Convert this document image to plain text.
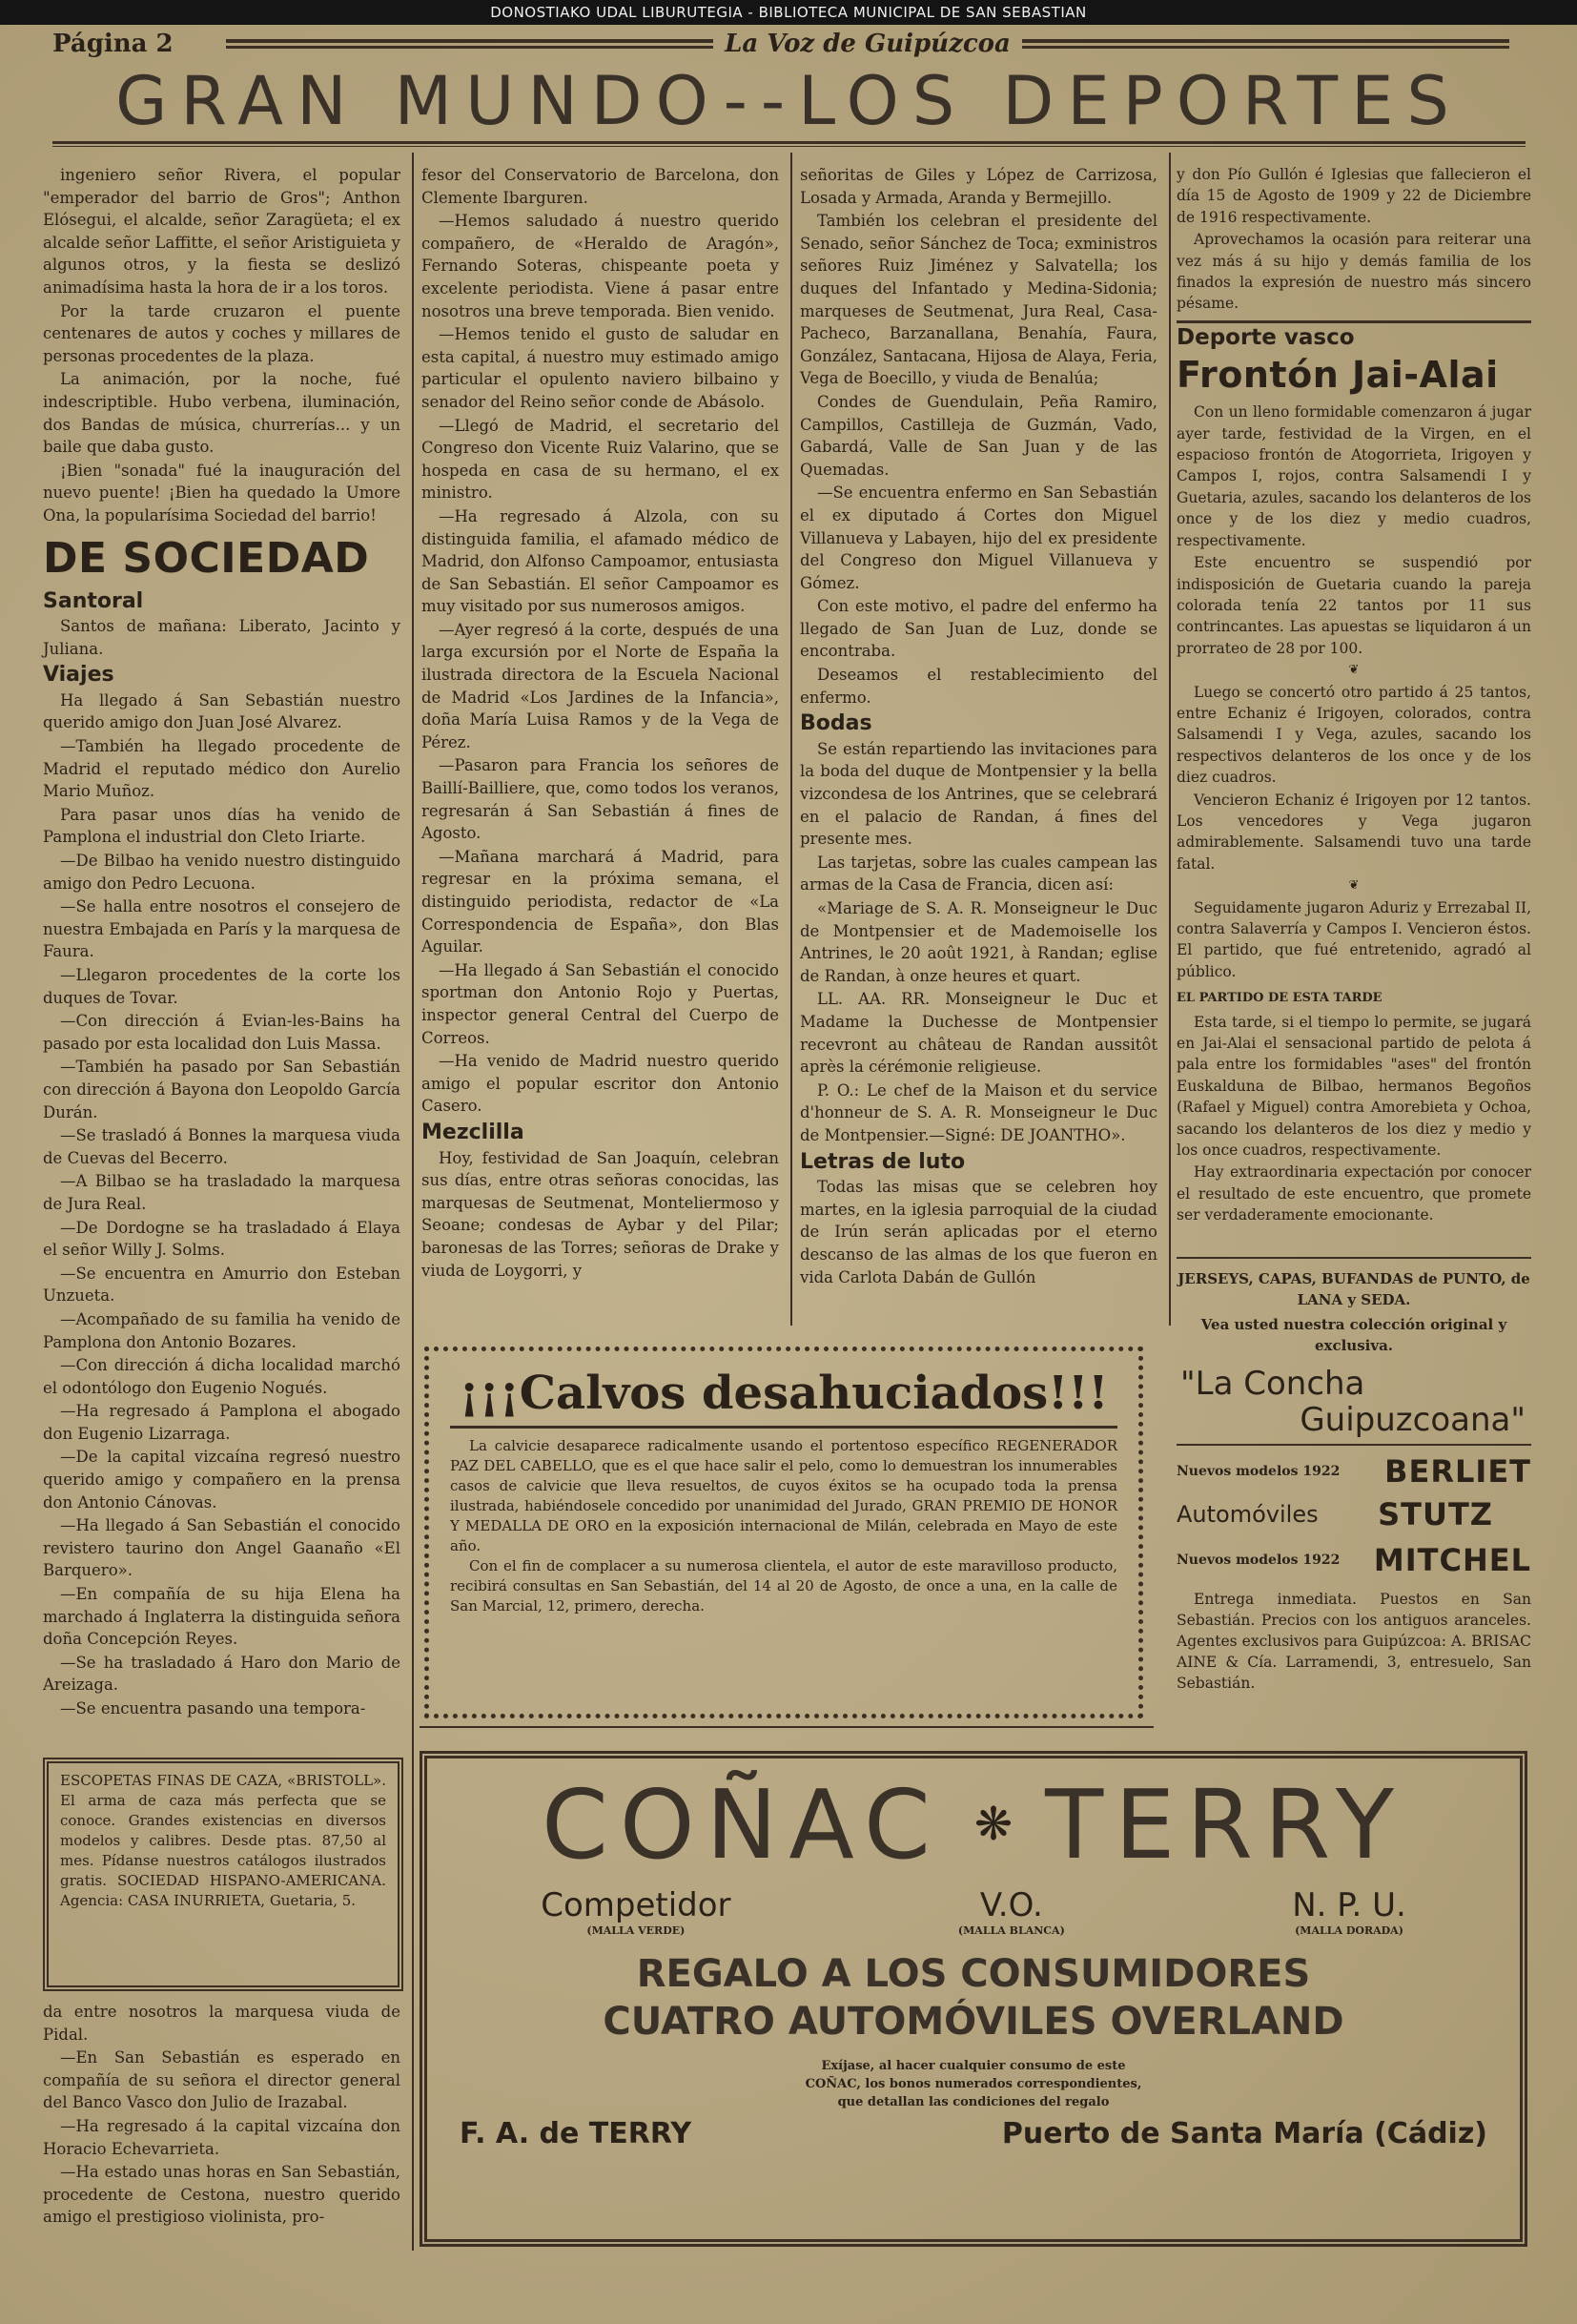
DONOSTIAKO UDAL LIBURUTEGIA - BIBLIOTECA MUNICIPAL DE SAN SEBASTIAN
Página 2	La Voz de Guipúzcoa
GRAN MUNDO--LOS DEPORTES

ingeniero señor Rivera, el popular "emperador del barrio de Gros"; Anthon Elósegui, el alcalde, señor Zaragüeta; el ex alcalde señor Laffitte, el señor Aristiguieta y algunos otros, y la fiesta se deslizó animadísima hasta la hora de ir a los toros.

Por la tarde cruzaron el puente centenares de autos y coches y millares de personas procedentes de la plaza.

La animación, por la noche, fué indescriptible. Hubo verbena, iluminación, dos Bandas de música, churrerías... y un baile que daba gusto.

¡Bien "sonada" fué la inauguración del nuevo puente! ¡Bien ha quedado la Umore Ona, la popularísima Sociedad del barrio!

DE SOCIEDAD
Santoral

Santos de mañana: Liberato, Jacinto y Juliana.

Viajes

Ha llegado á San Sebastián nuestro querido amigo don Juan José Alvarez.

—También ha llegado procedente de Madrid el reputado médico don Aurelio Mario Muñoz.

Para pasar unos días ha venido de Pamplona el industrial don Cleto Iriarte.

—De Bilbao ha venido nuestro distinguido amigo don Pedro Lecuona.

—Se halla entre nosotros el consejero de nuestra Embajada en París y la marquesa de Faura.

—Llegaron procedentes de la corte los duques de Tovar.

—Con dirección á Evian-les-Bains ha pasado por esta localidad don Luis Massa.

—También ha pasado por San Sebastián con dirección á Bayona don Leopoldo García Durán.

—Se trasladó á Bonnes la marquesa viuda de Cuevas del Becerro.

—A Bilbao se ha trasladado la marquesa de Jura Real.

—De Dordogne se ha trasladado á Elaya el señor Willy J. Solms.

—Se encuentra en Amurrio don Esteban Unzueta.

—Acompañado de su familia ha venido de Pamplona don Antonio Bozares.

—Con dirección á dicha localidad marchó el odontólogo don Eugenio Nogués.

—Ha regresado á Pamplona el abogado don Eugenio Lizarraga.

—De la capital vizcaína regresó nuestro querido amigo y compañero en la prensa don Antonio Cánovas.

—Ha llegado á San Sebastián el conocido revistero taurino don Angel Gaanaño «El Barquero».

—En compañía de su hija Elena ha marchado á Inglaterra la distinguida señora doña Concepción Reyes.

—Se ha trasladado á Haro don Mario de Areizaga.

—Se encuentra pasando una tempora-

ESCOPETAS FINAS DE CAZA, «BRISTOLL». El arma de caza más perfecta que se conoce. Grandes existencias en diversos modelos y calibres. Desde ptas. 87,50 al mes. Pídanse nuestros catálogos ilustrados gratis. SOCIEDAD HISPANO-AMERICANA. Agencia: CASA INURRIETA, Guetaria, 5.

da entre nosotros la marquesa viuda de Pidal.

—En San Sebastián es esperado en compañía de su señora el director general del Banco Vasco don Julio de Irazabal.

—Ha regresado á la capital vizcaína don Horacio Echevarrieta.

—Ha estado unas horas en San Sebastián, procedente de Cestona, nuestro querido amigo el prestigioso violinista, pro-

fesor del Conservatorio de Barcelona, don Clemente Ibarguren.

—Hemos saludado á nuestro querido compañero, de «Heraldo de Aragón», Fernando Soteras, chispeante poeta y excelente periodista. Viene á pasar entre nosotros una breve temporada. Bien venido.

—Hemos tenido el gusto de saludar en esta capital, á nuestro muy estimado amigo particular el opulento naviero bilbaino y senador del Reino señor conde de Abásolo.

—Llegó de Madrid, el secretario del Congreso don Vicente Ruiz Valarino, que se hospeda en casa de su hermano, el ex ministro.

—Ha regresado á Alzola, con su distinguida familia, el afamado médico de Madrid, don Alfonso Campoamor, entusiasta de San Sebastián. El señor Campoamor es muy visitado por sus numerosos amigos.

—Ayer regresó á la corte, después de una larga excursión por el Norte de España la ilustrada directora de la Escuela Nacional de Madrid «Los Jardines de la Infancia», doña María Luisa Ramos y de la Vega de Pérez.

—Pasaron para Francia los señores de Baillí-Bailliere, que, como todos los veranos, regresarán á San Sebastián á fines de Agosto.

—Mañana marchará á Madrid, para regresar en la próxima semana, el distinguido periodista, redactor de «La Correspondencia de España», don Blas Aguilar.

—Ha llegado á San Sebastián el conocido sportman don Antonio Rojo y Puertas, inspector general Central del Cuerpo de Correos.

—Ha venido de Madrid nuestro querido amigo el popular escritor don Antonio Casero.

Mezclilla

Hoy, festividad de San Joaquín, celebran sus días, entre otras señoras conocidas, las marquesas de Seutmenat, Monteliermoso y Seoane; condesas de Aybar y del Pilar; baronesas de las Torres; señoras de Drake y viuda de Loygorri, y

señoritas de Giles y López de Carrizosa, Losada y Armada, Aranda y Bermejillo.

También los celebran el presidente del Senado, señor Sánchez de Toca; exministros señores Ruiz Jiménez y Salvatella; los duques del Infantado y Medina-Sidonia; marqueses de Seutmenat, Jura Real, Casa-Pacheco, Barzanallana, Benahía, Faura, González, Santacana, Hijosa de Alaya, Feria, Vega de Boecillo, y viuda de Benalúa;

Condes de Guendulain, Peña Ramiro, Campillos, Castilleja de Guzmán, Vado, Gabardá, Valle de San Juan y de las Quemadas.

—Se encuentra enfermo en San Sebastián el ex diputado á Cortes don Miguel Villanueva y Labayen, hijo del ex presidente del Congreso don Miguel Villanueva y Gómez.

Con este motivo, el padre del enfermo ha llegado de San Juan de Luz, donde se encontraba.

Deseamos el restablecimiento del enfermo.

Bodas

Se están repartiendo las invitaciones para la boda del duque de Montpensier y la bella vizcondesa de los Antrines, que se celebrará en el palacio de Randan, á fines del presente mes.

Las tarjetas, sobre las cuales campean las armas de la Casa de Francia, dicen así:

«Mariage de S. A. R. Monseigneur le Duc de Montpensier et de Mademoiselle los Antrines, le 20 août 1921, à Randan; eglise de Randan, à onze heures et quart.

LL. AA. RR. Monseigneur le Duc et Madame la Duchesse de Montpensier recevront au château de Randan aussitôt après la cérémonie religieuse.

P. O.: Le chef de la Maison et du service d'honneur de S. A. R. Monseigneur le Duc de Montpensier.—Signé: DE JOANTHO».

Letras de luto

Todas las misas que se celebren hoy martes, en la iglesia parroquial de la ciudad de Irún serán aplicadas por el eterno descanso de las almas de los que fueron en vida Carlota Dabán de Gullón

y don Pío Gullón é Iglesias que fallecieron el día 15 de Agosto de 1909 y 22 de Diciembre de 1916 respectivamente.

Aprovechamos la ocasión para reiterar una vez más á su hijo y demás familia de los finados la expresión de nuestro más sincero pésame.

Deporte vasco
Frontón Jai-Alai

Con un lleno formidable comenzaron á jugar ayer tarde, festividad de la Virgen, en el espacioso frontón de Atogorrieta, Irigoyen y Campos I, rojos, contra Salsamendi I y Guetaria, azules, sacando los delanteros de los once y de los diez y medio cuadros, respectivamente.

Este encuentro se suspendió por indisposición de Guetaria cuando la pareja colorada tenía 22 tantos por 11 sus contrincantes. Las apuestas se liquidaron á un prorrateo de 28 por 100.

❦

Luego se concertó otro partido á 25 tantos, entre Echaniz é Irigoyen, colorados, contra Salsamendi I y Vega, azules, sacando los respectivos delanteros de los once y de los diez cuadros.

Vencieron Echaniz é Irigoyen por 12 tantos. Los vencedores y Vega jugaron admirablemente. Salsamendi tuvo una tarde fatal.

❦

Seguidamente jugaron Aduriz y Errezabal II, contra Salaverría y Campos I. Vencieron éstos. El partido, que fué entretenido, agradó al público.

EL PARTIDO DE ESTA TARDE

Esta tarde, si el tiempo lo permite, se jugará en Jai-Alai el sensacional partido de pelota á pala entre los formidables "ases" del frontón Euskalduna de Bilbao, hermanos Begoños (Rafael y Miguel) contra Amorebieta y Ochoa, sacando los delanteros de los diez y medio y los once cuadros, respectivamente.

Hay extraordinaria expectación por conocer el resultado de este encuentro, que promete ser verdaderamente emocionante.

JERSEYS, CAPAS, BUFANDAS de PUNTO, de LANA y SEDA.
Vea usted nuestra colección original y exclusiva.
"La Concha
Guipuzcoana"
Nuevos modelos 1922 BERLIET
Automóviles STUTZ
Nuevos modelos 1922 MITCHEL
Entrega inmediata. Puestos en San Sebastián. Precios con los antiguos aranceles. Agentes exclusivos para Guipúzcoa: A. BRISAC AINE & Cía. Larramendi, 3, entresuelo, San Sebastián.
¡¡¡Calvos desahuciados!!!

La calvicie desaparece radicalmente usando el portentoso específico REGENERADOR PAZ DEL CABELLO, que es el que hace salir el pelo, como lo demuestran los innumerables casos de calvicie que lleva resueltos, de cuyos éxitos se ha ocupado toda la prensa ilustrada, habiéndosele concedido por unanimidad del Jurado, GRAN PREMIO DE HONOR Y MEDALLA DE ORO en la exposición internacional de Milán, celebrada en Mayo de este año.

Con el fin de complacer a su numerosa clientela, el autor de este maravilloso producto, recibirá consultas en San Sebastián, del 14 al 20 de Agosto, de once a una, en la calle de San Marcial, 12, primero, derecha.

COÑAC ❋ TERRY
Competidor
(MALLA VERDE)
V.O.
(MALLA BLANCA)
N. P. U.
(MALLA DORADA)
REGALO A LOS CONSUMIDORES
CUATRO AUTOMÓVILES OVERLAND
Exíjase, al hacer cualquier consumo de este COÑAC, los bonos numerados correspondientes, que detallan las condiciones del regalo
F. A. de TERRY	Puerto de Santa María (Cádiz)
